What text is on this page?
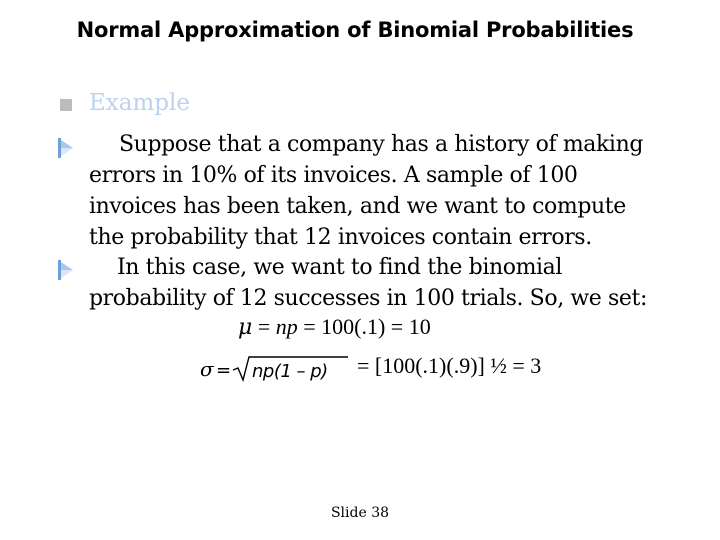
Normal Approximation of Binomial Probabilities
Example
Suppose that a company has a history of making errors in 10% of its invoices. A sample of 100 invoices has been taken, and we want to compute the probability that 12 invoices contain errors.
In this case, we want to find the binomial probability of 12 successes in 100 trials. So, we set:
μ = np = 100(.1) = 10
σ = np(1 – p) = [100(.1)(.9)] ½ = 3
Slide 38
